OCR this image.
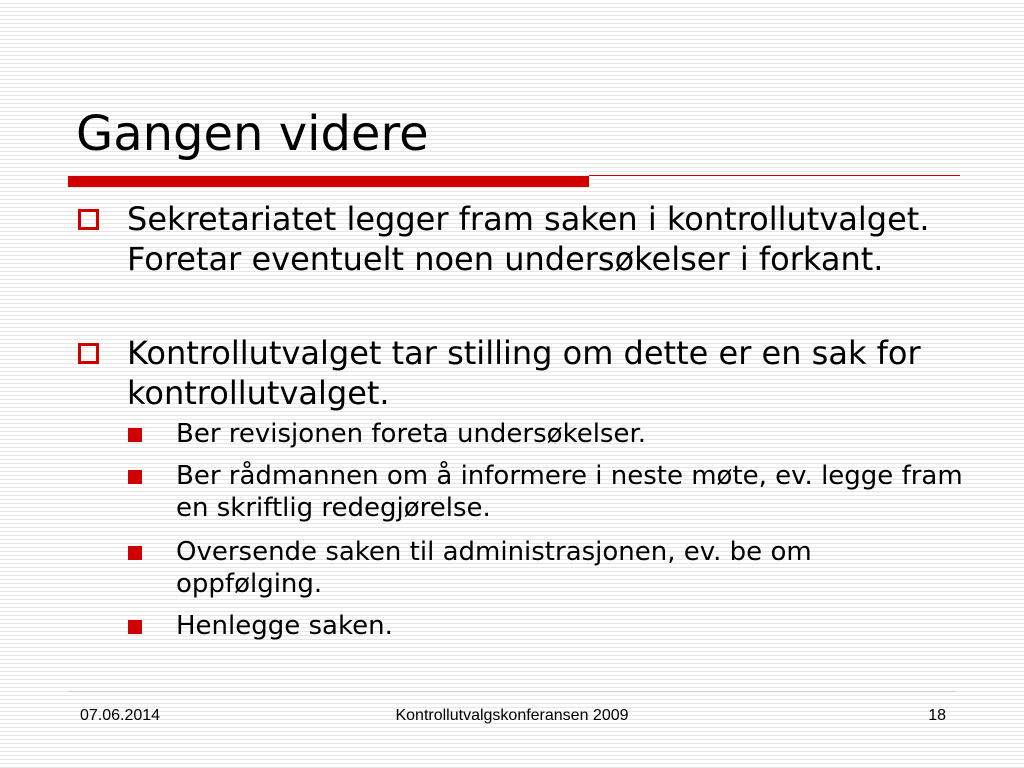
Gangen videre
Sekretariatet legger fram saken i kontrollutvalget. Foretar eventuelt noen undersøkelser i forkant.
Kontrollutvalget tar stilling om dette er en sak for kontrollutvalget.
Ber revisjonen foreta undersøkelser.
Ber rådmannen om å informere i neste møte, ev. legge fram en skriftlig redegjørelse.
Oversende saken til administrasjonen, ev. be om oppfølging.
Henlegge saken.
07.06.2014	Kontrollutvalgskonferansen 2009	18
